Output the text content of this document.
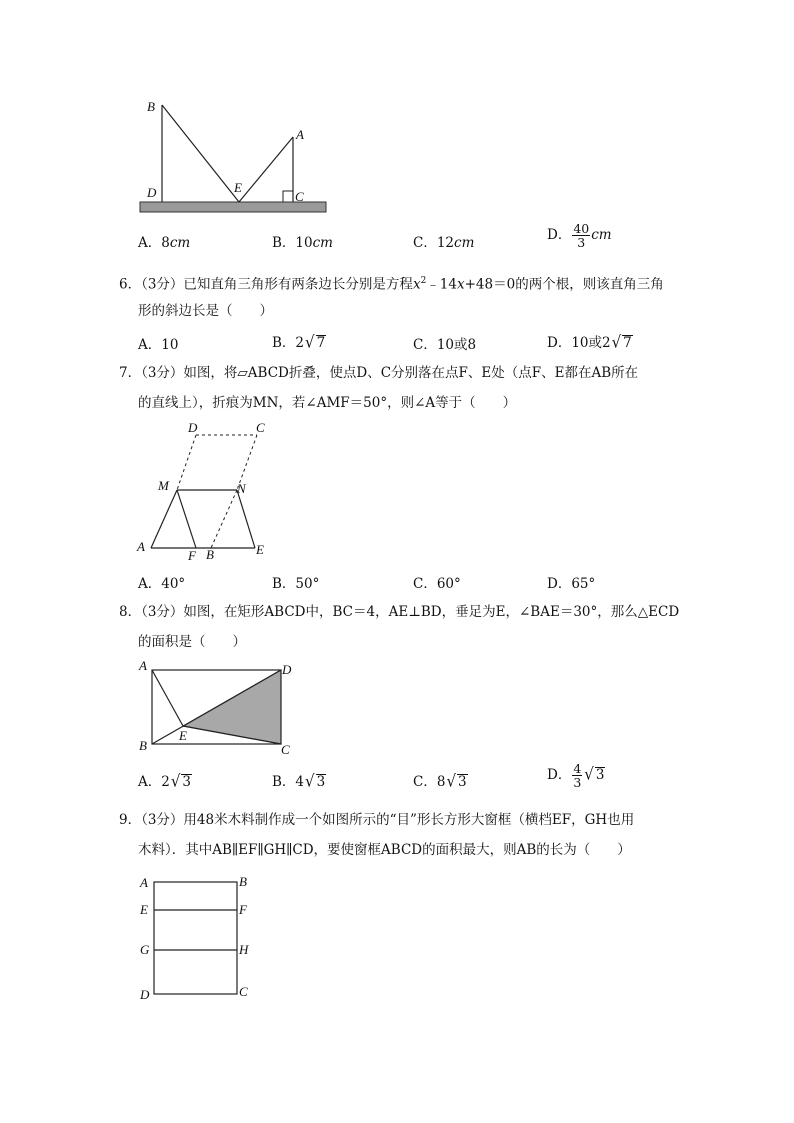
B
A
D	E
C
A．8cm	B．10cm	C．12cm	D． $\frac{40}{3}$ cm
6．（3分）已知直角三角形有两条边长分别是方程$x^2﹣14x+48=0$的两个根，则该直角三角
形的斜边长是（　　）
A．10	B．2√ 7	C．10或8	D．10或2√ 7
7．（3分）如图，将▱ABCD折叠，使点D、C分别落在点F、E处（点F、E都在AB所在
的直线上），折痕为MN，若∠AMF＝50°，则∠A等于（　　）
D	C
M	N
A
F B	E
A．40°	B．50°	C．60°	D．65°
8．（3分）如图，在矩形ABCD中，BC＝4，AE⊥BD，垂足为E，∠BAE＝30°，那么△ECD
的面积是（　　）
A	D
E
B	C
A．2√ 3	B．4√ 3	C．8√ 3	D． $\frac{4}{3}$ √ 3
9．（3分）用48米木料制作成一个如图所示的“目”形长方形大窗框（横档EF，GH也用
木料）．其中AB∥EF∥GH∥CD，要使窗框ABCD的面积最大，则AB的长为（　　）
A	B
E	F
G	H
D	C
